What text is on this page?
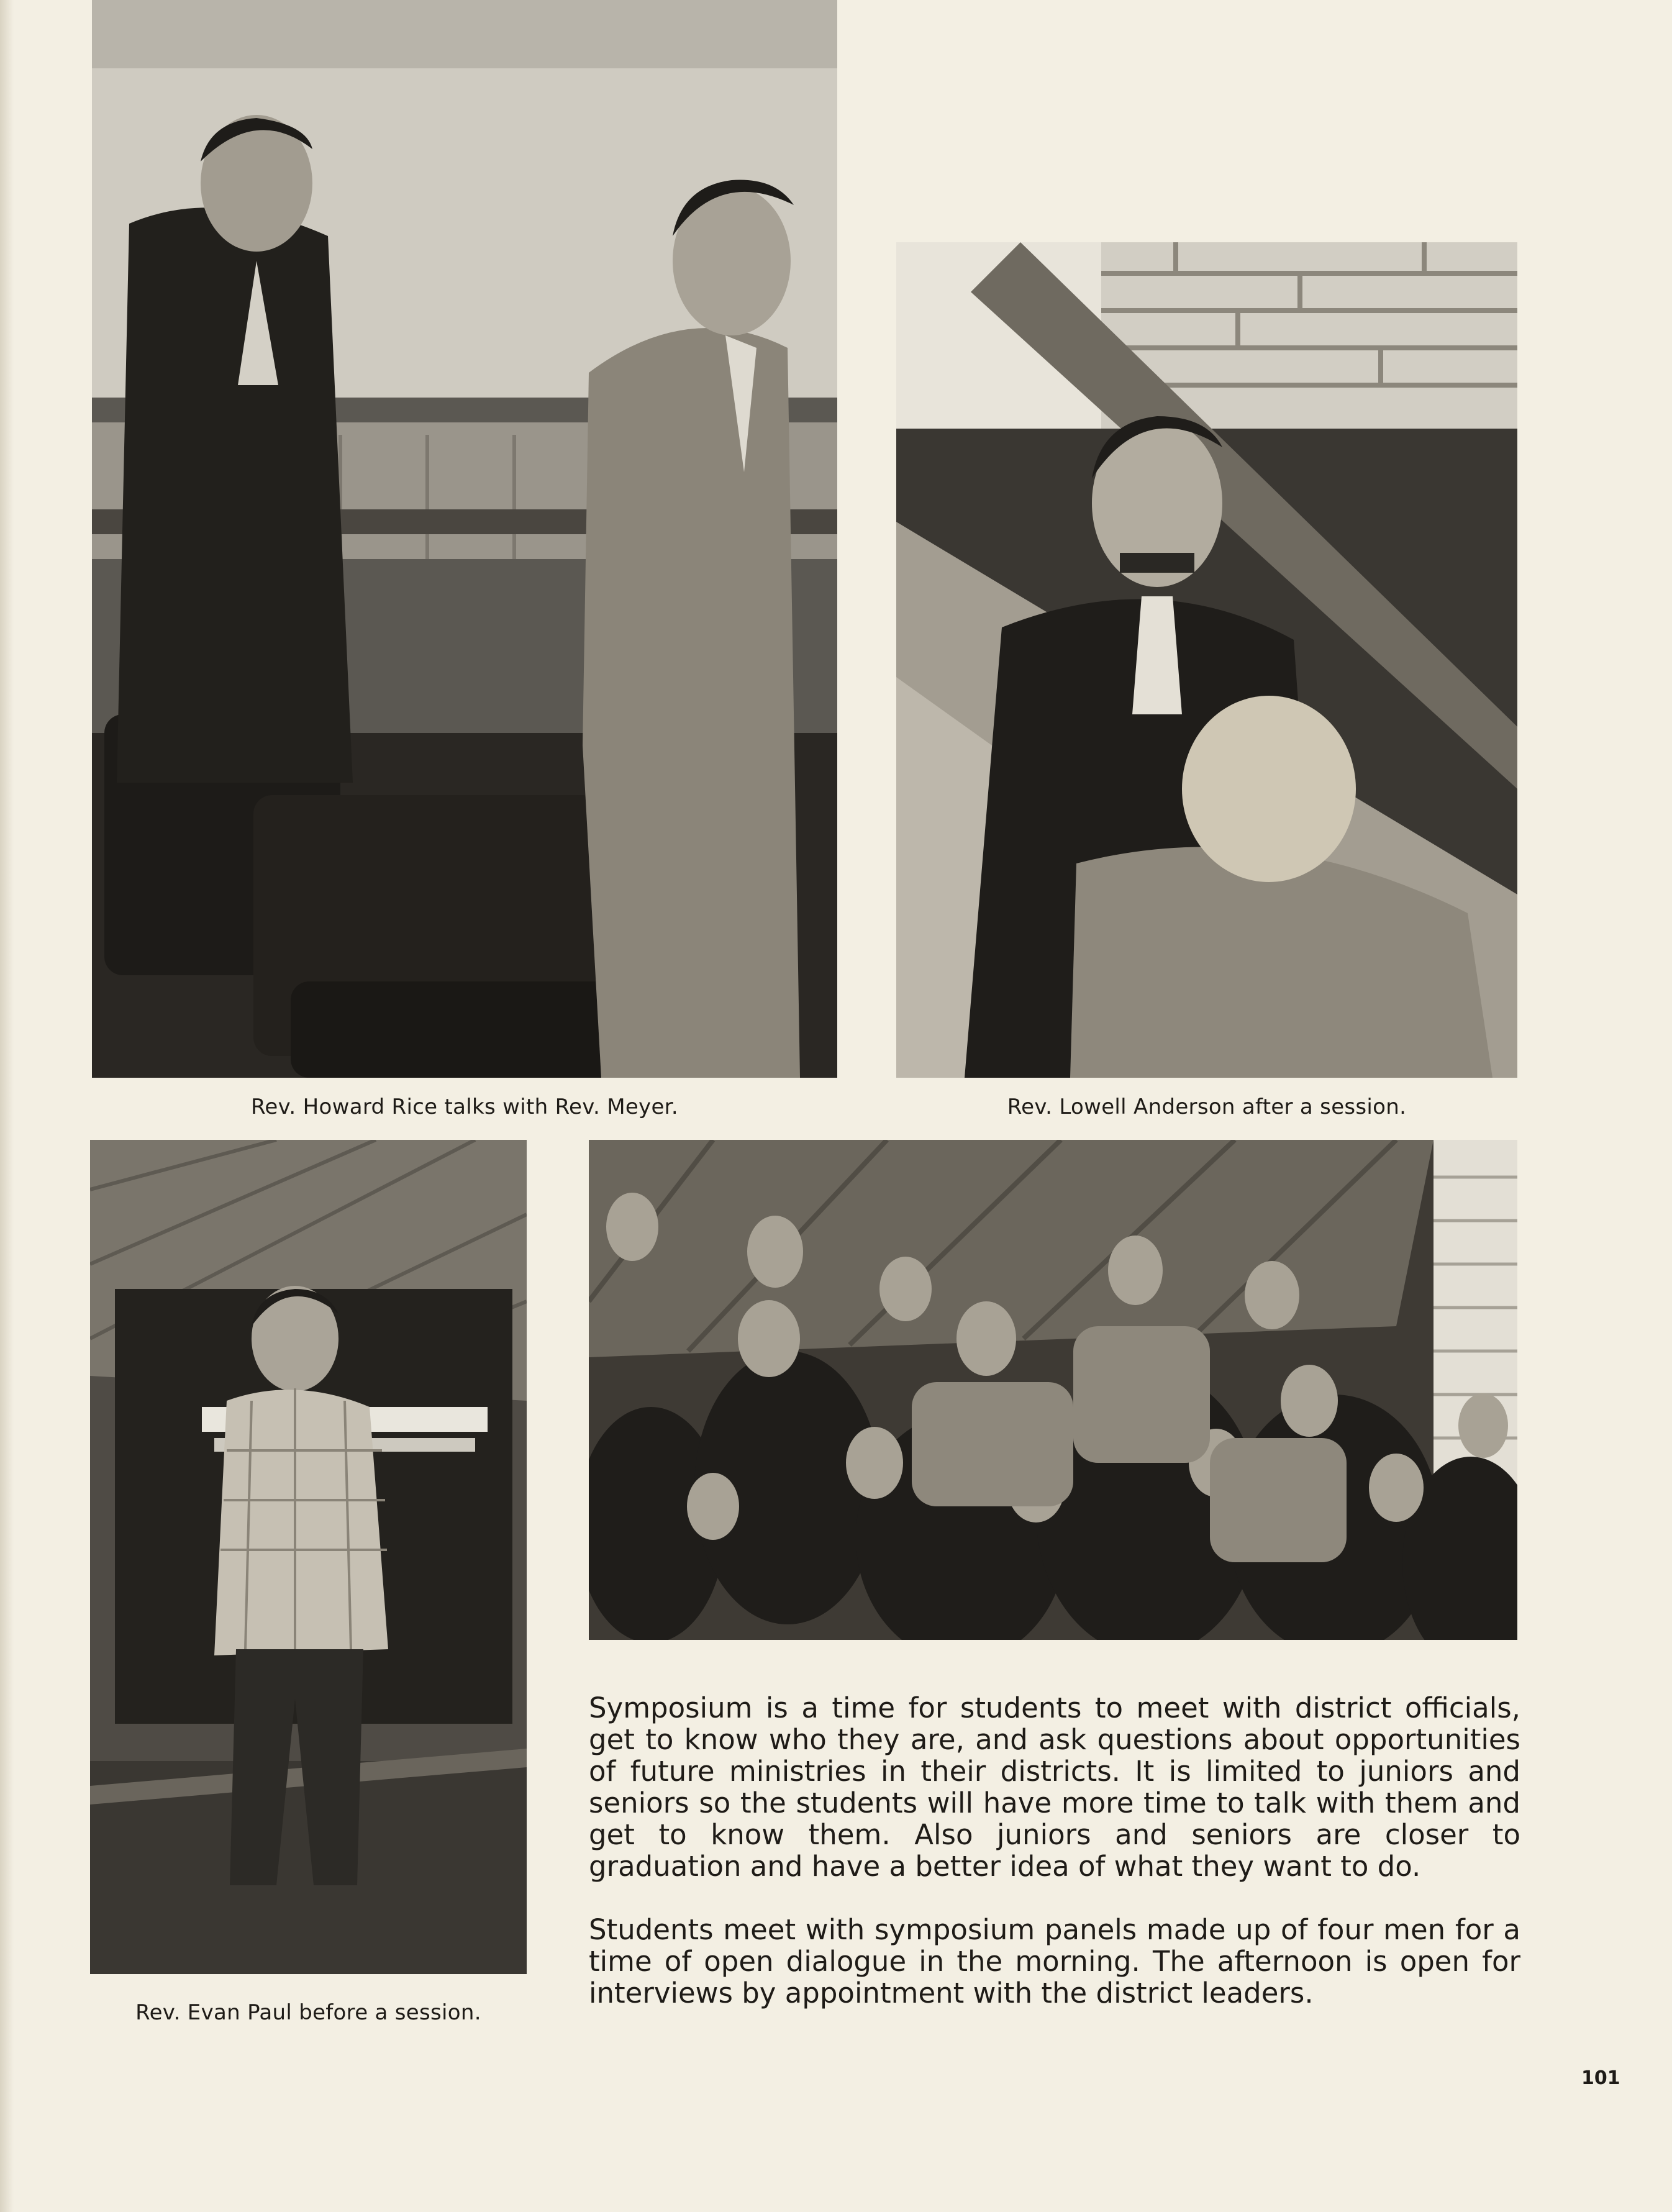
Rev. Howard Rice talks with Rev. Meyer.	Rev. Lowell Anderson after a session.
Rev. Evan Paul before a session.

Symposium is a time for students to meet with district officials, get to know who they are, and ask questions about opportunities of future ministries in their districts. It is limited to juniors and seniors so the students will have more time to talk with them and get to know them. Also juniors and seniors are closer to graduation and have a better idea of what they want to do.

Students meet with symposium panels made up of four men for a time of open dialogue in the morning. The afternoon is open for interviews by appointment with the district leaders.

101
